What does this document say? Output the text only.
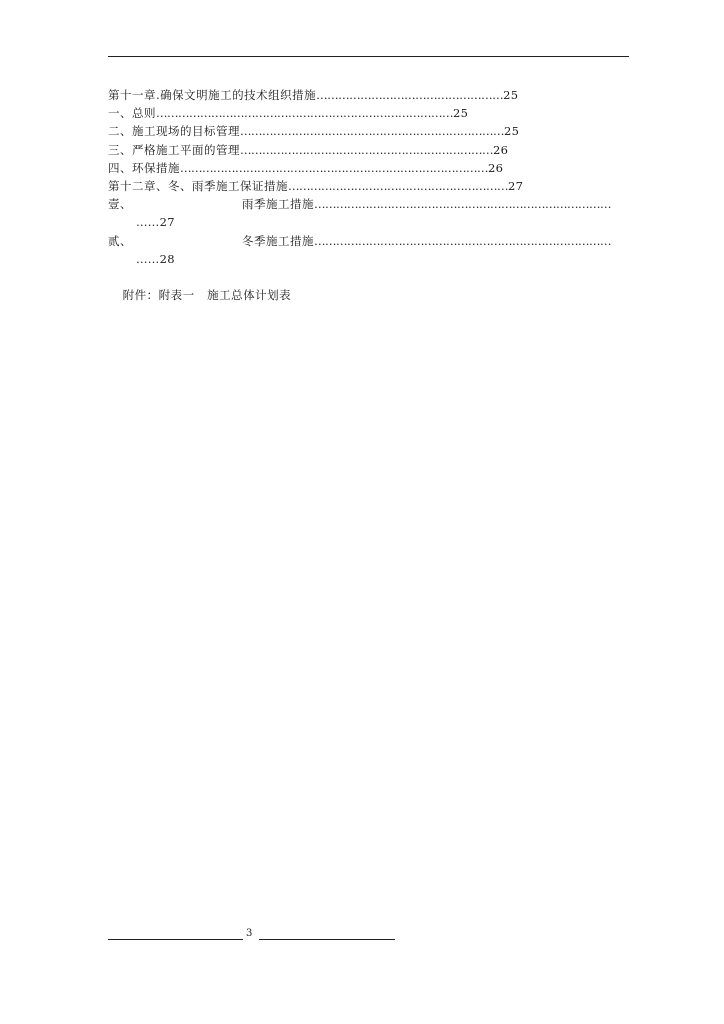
第十一章.确保文明施工的技术组织措施……………………………………………25
一、总则………………………………………………………………………25
二、施工现场的目标管理………………………………………………………………25
三、严格施工平面的管理……………………………………………………………26
四、环保措施…………………………………………………………………………26
第十二章、冬、雨季施工保证措施……………………………………………………27
壹、	雨季施工措施………………………………………………………………………
……27
贰、	冬季施工措施………………………………………………………………………
……28

附件：附表一   施工总体计划表

3
